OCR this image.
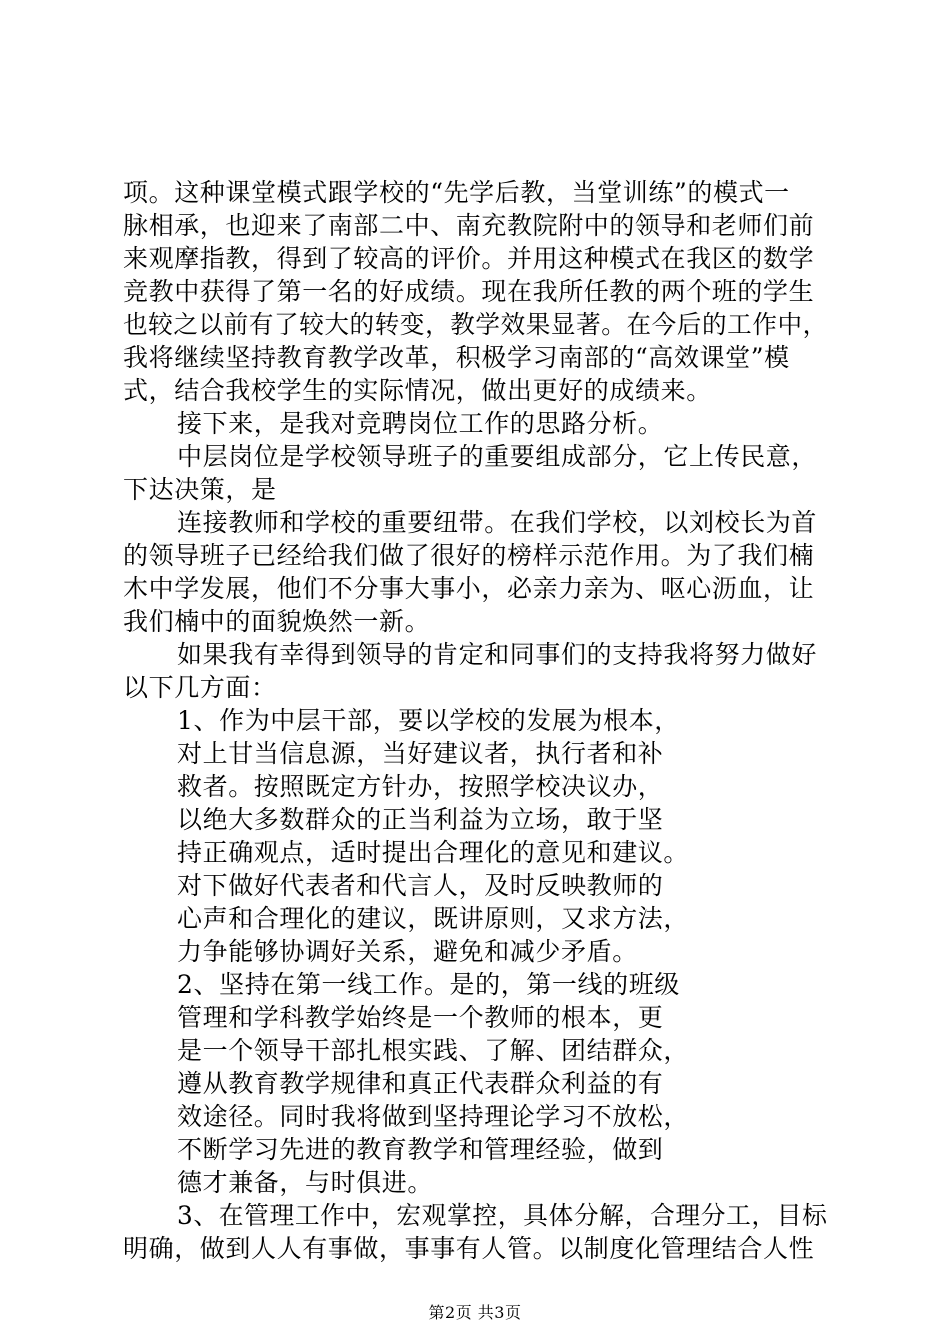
项。这种课堂模式跟学校的“先学后教，当堂训练”的模式一
脉相承，也迎来了南部二中、南充教院附中的领导和老师们前
来观摩指教，得到了较高的评价。并用这种模式在我区的数学
竞教中获得了第一名的好成绩。现在我所任教的两个班的学生
也较之以前有了较大的转变，教学效果显著。在今后的工作中，
我将继续坚持教育教学改革，积极学习南部的“高效课堂”模
式，结合我校学生的实际情况，做出更好的成绩来。
接下来，是我对竞聘岗位工作的思路分析。
中层岗位是学校领导班子的重要组成部分，它上传民意，
下达决策，是
连接教师和学校的重要纽带。在我们学校，以刘校长为首
的领导班子已经给我们做了很好的榜样示范作用。为了我们楠
木中学发展，他们不分事大事小，必亲力亲为、呕心沥血，让
我们楠中的面貌焕然一新。
如果我有幸得到领导的肯定和同事们的支持我将努力做好
以下几方面：
1、作为中层干部，要以学校的发展为根本，
对上甘当信息源，当好建议者，执行者和补
救者。按照既定方针办，按照学校决议办，
以绝大多数群众的正当利益为立场，敢于坚
持正确观点，适时提出合理化的意见和建议。
对下做好代表者和代言人，及时反映教师的
心声和合理化的建议，既讲原则，又求方法，
力争能够协调好关系，避免和减少矛盾。
2、坚持在第一线工作。是的，第一线的班级
管理和学科教学始终是一个教师的根本，更
是一个领导干部扎根实践、了解、团结群众，
遵从教育教学规律和真正代表群众利益的有
效途径。同时我将做到坚持理论学习不放松，
不断学习先进的教育教学和管理经验，做到
德才兼备，与时俱进。
3、在管理工作中，宏观掌控，具体分解，合理分工，目标
明确，做到人人有事做，事事有人管。以制度化管理结合人性
第2页 共3页
